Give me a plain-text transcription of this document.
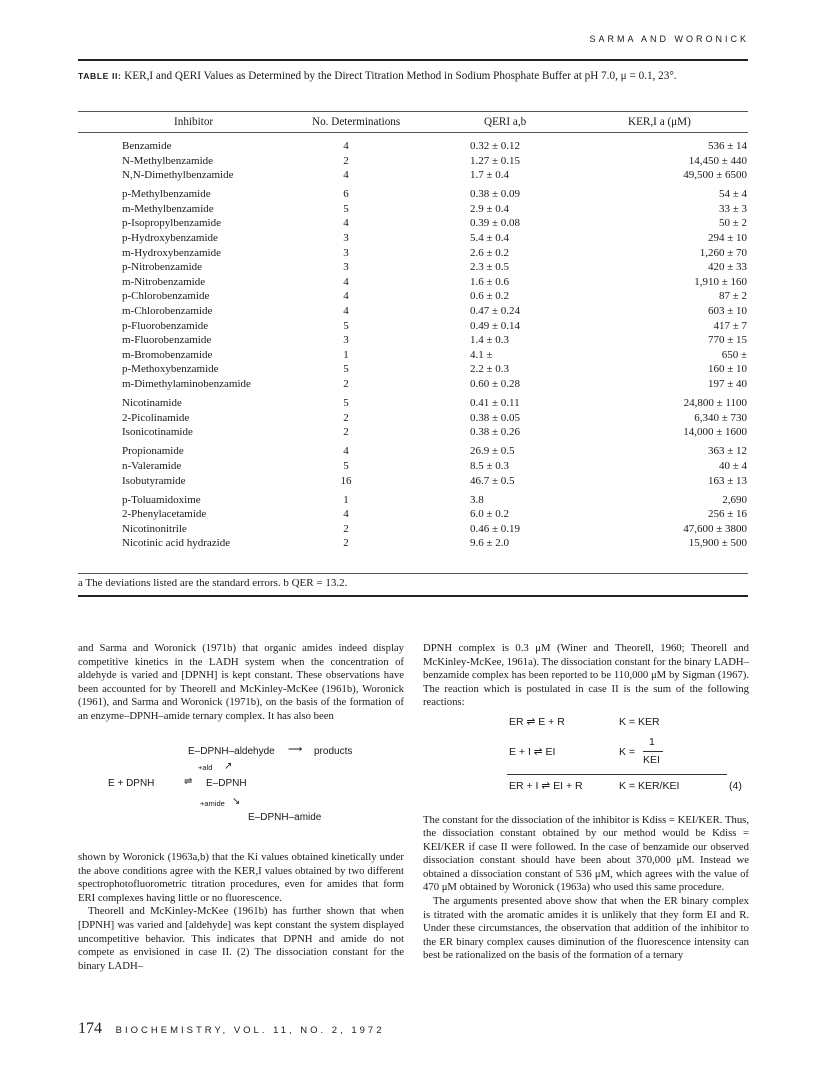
SARMA AND WORONICK
TABLE II: KER,I and QERI Values as Determined by the Direct Titration Method in Sodium Phosphate Buffer at pH 7.0, μ = 0.1, 23°.
Inhibitor	No. Determinations	QERI a,b	KER,I a (μM)
Benzamide	4	0.32 ± 0.12	536 ± 14
N-Methylbenzamide	2	1.27 ± 0.15	14,450 ± 440
N,N-Dimethylbenzamide	4	1.7 ± 0.4	49,500 ± 6500
p-Methylbenzamide	6	0.38 ± 0.09	54 ± 4
m-Methylbenzamide	5	2.9 ± 0.4	33 ± 3
p-Isopropylbenzamide	4	0.39 ± 0.08	50 ± 2
p-Hydroxybenzamide	3	5.4 ± 0.4	294 ± 10
m-Hydroxybenzamide	3	2.6 ± 0.2	1,260 ± 70
p-Nitrobenzamide	3	2.3 ± 0.5	420 ± 33
m-Nitrobenzamide	4	1.6 ± 0.6	1,910 ± 160
p-Chlorobenzamide	4	0.6 ± 0.2	87 ± 2
m-Chlorobenzamide	4	0.47 ± 0.24	603 ± 10
p-Fluorobenzamide	5	0.49 ± 0.14	417 ± 7
m-Fluorobenzamide	3	1.4 ± 0.3	770 ± 15
m-Bromobenzamide	1	4.1 ±	650 ±
p-Methoxybenzamide	5	2.2 ± 0.3	160 ± 10
m-Dimethylaminobenzamide	2	0.60 ± 0.28	197 ± 40
Nicotinamide	5	0.41 ± 0.11	24,800 ± 1100
2-Picolinamide	2	0.38 ± 0.05	6,340 ± 730
Isonicotinamide	2	0.38 ± 0.26	14,000 ± 1600
Propionamide	4	26.9 ± 0.5	363 ± 12
n-Valeramide	5	8.5 ± 0.3	40 ± 4
Isobutyramide	16	46.7 ± 0.5	163 ± 13
p-Toluamidoxime	1	3.8	2,690
2-Phenylacetamide	4	6.0 ± 0.2	256 ± 16
Nicotinonitrile	2	0.46 ± 0.19	47,600 ± 3800
Nicotinic acid hydrazide	2	9.6 ± 2.0	15,900 ± 500
a The deviations listed are the standard errors. b QER = 13.2.

and Sarma and Woronick (1971b) that organic amides indeed display competitive kinetics in the LADH system when the concentration of aldehyde is varied and [DPNH] is kept constant. These observations have been accounted for by Theorell and McKinley-McKee (1961b), Woronick (1961), and Sarma and Woronick (1971b), on the basis of the formation of an enzyme–DPNH–amide ternary complex. It has also been

E–DPNH–aldehyde ⟶ products
+ald ↗
E + DPNH	⇌ E–DPNH
+amide ↘
E–DPNH–amide

shown by Woronick (1963a,b) that the Ki values obtained kinetically under the above conditions agree with the KER,I values obtained by two different spectrophotofluorometric titration procedures, even for amides that form ERI complexes having little or no fluorescence.

Theorell and McKinley-McKee (1961b) has further shown that when [DPNH] was varied and [aldehyde] was kept constant the system displayed uncompetitive behavior. This indicates that DPNH and amide do not compete as envisioned in case II. (2) The dissociation constant for the binary LADH–

DPNH complex is 0.3 μM (Winer and Theorell, 1960; Theorell and McKinley-McKee, 1961a). The dissociation constant for the binary LADH–benzamide complex has been reported to be 110,000 μM by Sigman (1967). The reaction which is postulated in case II is the sum of the following reactions:

ER ⇌ E + R	K = KER
E + I ⇌ EI	K =
1
KEI
ER + I ⇌ EI + R	K = KER/KEI	(4)

The constant for the dissociation of the inhibitor is Kdiss = KEI/KER. Thus, the dissociation constant obtained by our method would be Kdiss = KEI/KER if case II were followed. In the case of benzamide our observed dissociation constant should have been about 370,000 μM. Instead we obtained a dissociation constant of 536 μM, which agrees with the value of 470 μM obtained by Woronick (1963a) who used this same procedure.

The arguments presented above show that when the ER binary complex is titrated with the aromatic amides it is unlikely that they form EI and R. Under these circumstances, the observation that addition of the inhibitor to the ER binary complex causes diminution of the fluorescence intensity can best be rationalized on the basis of the formation of a ternary

174 BIOCHEMISTRY, VOL. 11, NO. 2, 1972
